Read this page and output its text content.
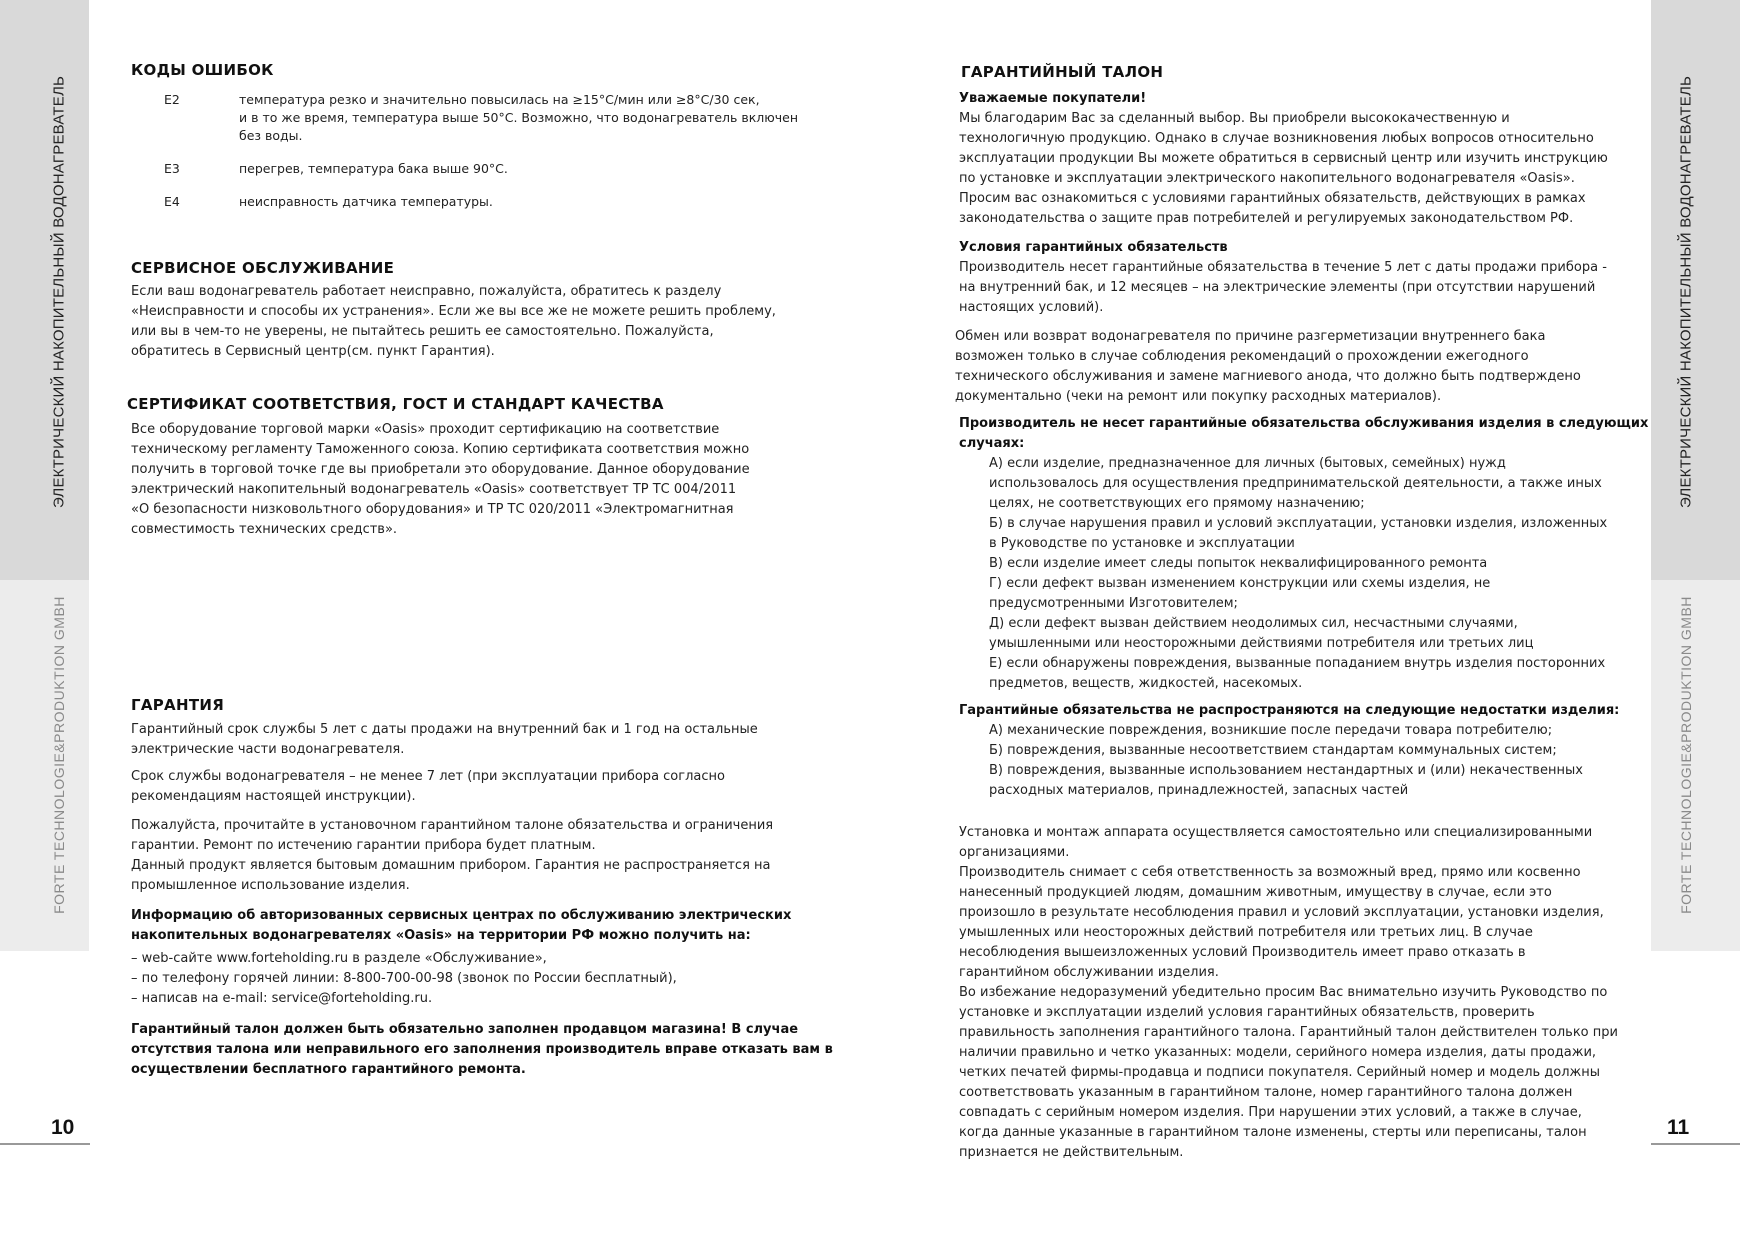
ЭЛЕКТРИЧЕСКИЙ НАКОПИТЕЛЬНЫЙ ВОДОНАГРЕВАТЕЛЬ
FORTE TECHNOLOGIE&PRODUKTION GMBH
ЭЛЕКТРИЧЕСКИЙ НАКОПИТЕЛЬНЫЙ ВОДОНАГРЕВАТЕЛЬ
FORTE TECHNOLOGIE&PRODUKTION GMBH
10	11
КОДЫ ОШИБОК
E2	температура резко и значительно повысилась на ≥15°С/мин или ≥8°С/30 сек,

и в то же время, температура выше 50°С. Возможно, что водонагреватель включен

без воды.

E3	перегрев, температура бака выше 90°С.

E4	неисправность датчика температуры.

СЕРВИСНОЕ ОБСЛУЖИВАНИЕ

Если ваш водонагреватель работает неисправно, пожалуйста, обратитесь к разделу

«Неисправности и способы их устранения». Если же вы все же не можете решить проблему,

или вы в чем-то не уверены, не пытайтесь решить ее самостоятельно. Пожалуйста,

обратитесь в Сервисный центр(см. пункт Гарантия).

СЕРТИФИКАТ СООТВЕТСТВИЯ, ГОСТ И СТАНДАРТ КАЧЕСТВА

Все оборудование торговой марки «Oasis» проходит сертификацию на соответствие

техническому регламенту Таможенного союза. Копию сертификата соответствия можно

получить в торговой точке где вы приобретали это оборудование. Данное оборудование

электрический накопительный водонагреватель «Oasis» соответствует ТР ТС 004/2011

«О безопасности низковольтного оборудования» и ТР ТС 020/2011 «Электромагнитная

совместимость технических средств».

ГАРАНТИЯ

Гарантийный срок службы 5 лет с даты продажи на внутренний бак и 1 год на остальные

электрические части водонагревателя.

Срок службы водонагревателя – не менее 7 лет (при эксплуатации прибора согласно

рекомендациям настоящей инструкции).

Пожалуйста, прочитайте в установочном гарантийном талоне обязательства и ограничения

гарантии. Ремонт по истечению гарантии прибора будет платным.

Данный продукт является бытовым домашним прибором. Гарантия не распространяется на

промышленное использование изделия.

Информацию об авторизованных сервисных центрах по обслуживанию электрических

накопительных водонагревателях «Oasis» на территории РФ можно получить на:

– web-сайте www.forteholding.ru в разделе «Обслуживание»,

– по телефону горячей линии: 8-800-700-00-98 (звонок по России бесплатный),

– написав на e-mail: service@forteholding.ru.

Гарантийный талон должен быть обязательно заполнен продавцом магазина! В случае

отсутствия талона или неправильного его заполнения производитель вправе отказать вам в

осуществлении бесплатного гарантийного ремонта.

ГАРАНТИЙНЫЙ ТАЛОН

Уважаемые покупатели!

Мы благодарим Вас за сделанный выбор. Вы приобрели высококачественную и

технологичную продукцию. Однако в случае возникновения любых вопросов относительно

эксплуатации продукции Вы можете обратиться в сервисный центр или изучить инструкцию

по установке и эксплуатации электрического накопительного водонагревателя «Oasis».

Просим вас ознакомиться с условиями гарантийных обязательств, действующих в рамках

законодательства о защите прав потребителей и регулируемых законодательством РФ.

Условия гарантийных обязательств

Производитель несет гарантийные обязательства в течение 5 лет с даты продажи прибора -

на внутренний бак, и 12 месяцев – на электрические элементы (при отсутствии нарушений

настоящих условий).

Обмен или возврат водонагревателя по причине разгерметизации внутреннего бака

возможен только в случае соблюдения рекомендаций о прохождении ежегодного

технического обслуживания и замене магниевого анода, что должно быть подтверждено

документально (чеки на ремонт или покупку расходных материалов).

Производитель не несет гарантийные обязательства обслуживания изделия в следующих

случаях:

А) если изделие, предназначенное для личных (бытовых, семейных) нужд

использовалось для осуществления предпринимательской деятельности, а также иных

целях, не соответствующих его прямому назначению;

Б) в случае нарушения правил и условий эксплуатации, установки изделия, изложенных

в Руководстве по установке и эксплуатации

В) если изделие имеет следы попыток неквалифицированного ремонта

Г) если дефект вызван изменением конструкции или схемы изделия, не

предусмотренными Изготовителем;

Д) если дефект вызван действием неодолимых сил, несчастными случаями,

умышленными или неосторожными действиями потребителя или третьих лиц

Е) если обнаружены повреждения, вызванные попаданием внутрь изделия посторонних

предметов, веществ, жидкостей, насекомых.

Гарантийные обязательства не распространяются на следующие недостатки изделия:

А) механические повреждения, возникшие после передачи товара потребителю;

Б) повреждения, вызванные несоответствием стандартам коммунальных систем;

В) повреждения, вызванные использованием нестандартных и (или) некачественных

расходных материалов, принадлежностей, запасных частей

Установка и монтаж аппарата осуществляется самостоятельно или специализированными

организациями.

Производитель снимает с себя ответственность за возможный вред, прямо или косвенно

нанесенный продукцией людям, домашним животным, имуществу в случае, если это

произошло в результате несоблюдения правил и условий эксплуатации, установки изделия,

умышленных или неосторожных действий потребителя или третьих лиц. В случае

несоблюдения вышеизложенных условий Производитель имеет право отказать в

гарантийном обслуживании изделия.

Во избежание недоразумений убедительно просим Вас внимательно изучить Руководство по

установке и эксплуатации изделий условия гарантийных обязательств, проверить

правильность заполнения гарантийного талона. Гарантийный талон действителен только при

наличии правильно и четко указанных: модели, серийного номера изделия, даты продажи,

четких печатей фирмы-продавца и подписи покупателя. Серийный номер и модель должны

соответствовать указанным в гарантийном талоне, номер гарантийного талона должен

совпадать с серийным номером изделия. При нарушении этих условий, а также в случае,

когда данные указанные в гарантийном талоне изменены, стерты или переписаны, талон

признается не действительным.
